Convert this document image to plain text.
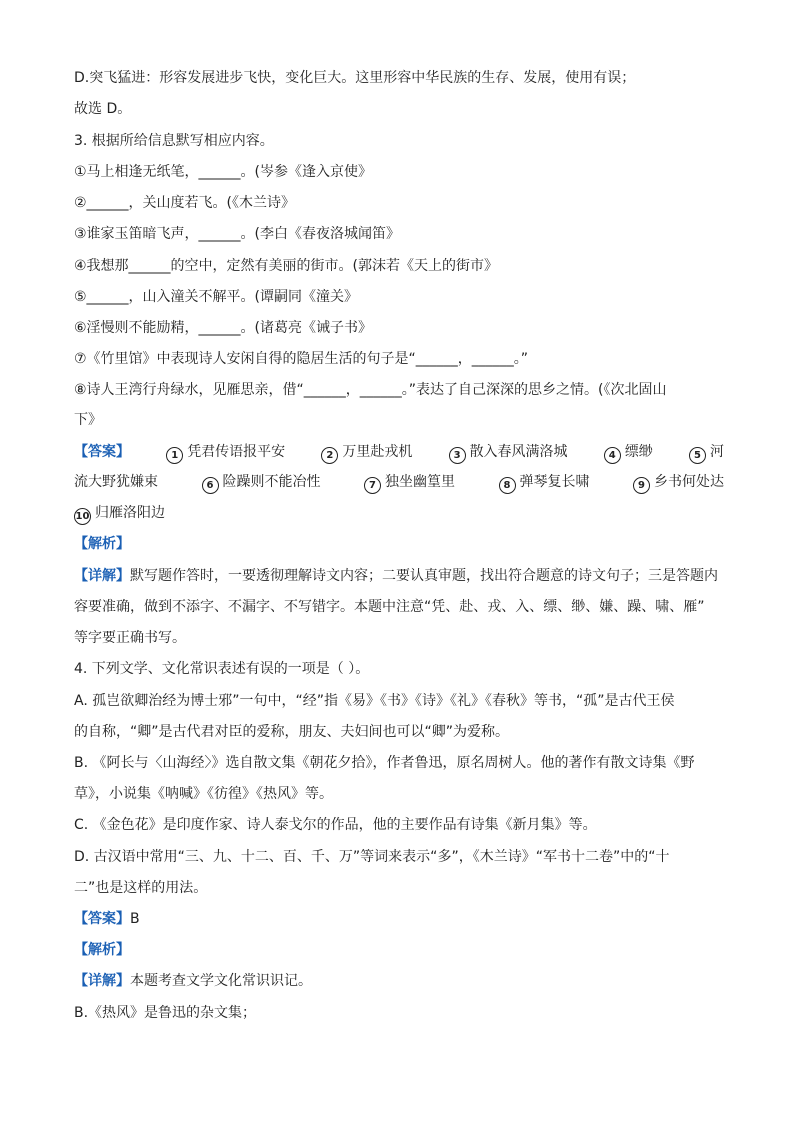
D.突飞猛进：形容发展进步飞快，变化巨大。这里形容中华民族的生存、发展，使用有误；
故选 D。
3. 根据所给信息默写相应内容。
①马上相逢无纸笔，______。(岑参《逢入京使》
②______，关山度若飞。(《木兰诗》
③谁家玉笛暗飞声，______。(李白《春夜洛城闻笛》
④我想那______的空中，定然有美丽的街市。(郭沫若《天上的街市》
⑤______，山入潼关不解平。(谭嗣同《潼关》
⑥淫慢则不能励精，______。(诸葛亮《诫子书》
⑦《竹里馆》中表现诗人安闲自得的隐居生活的句子是“______，______。”
⑧诗人王湾行舟绿水，见雁思亲，借“______，______。”表达了自己深深的思乡之情。(《次北固山
下》
【答案】	1 凭君传语报平安	2 万里赴戎机	3 散入春风满洛城	4 缥缈	5 河
流大野犹嫌束	6 险躁则不能冶性	7 独坐幽篁里	8 弹琴复长啸	9 乡书何处达
10 归雁洛阳边
【解析】
【详解】默写题作答时，一要透彻理解诗文内容；二要认真审题，找出符合题意的诗文句子；三是答题内
容要准确，做到不添字、不漏字、不写错字。本题中注意“凭、赴、戎、入、缥、缈、嫌、躁、啸、雁”
等字要正确书写。
4. 下列文学、文化常识表述有误的一项是（ ）。
A. 孤岂欲卿治经为博士邪”一句中，“经”指《易》《书》《诗》《礼》《春秋》等书，“孤”是古代王侯
的自称，“卿”是古代君对臣的爱称，朋友、夫妇间也可以“卿”为爱称。
B. 《阿长与〈山海经〉》选自散文集《朝花夕拾》，作者鲁迅，原名周树人。他的著作有散文诗集《野
草》，小说集《呐喊》《彷徨》《热风》等。
C. 《金色花》是印度作家、诗人泰戈尔的作品，他的主要作品有诗集《新月集》等。
D. 古汉语中常用“三、九、十二、百、千、万”等词来表示“多”，《木兰诗》“军书十二卷”中的“十
二”也是这样的用法。
【答案】B
【解析】
【详解】本题考查文学文化常识识记。
B.《热风》是鲁迅的杂文集；
